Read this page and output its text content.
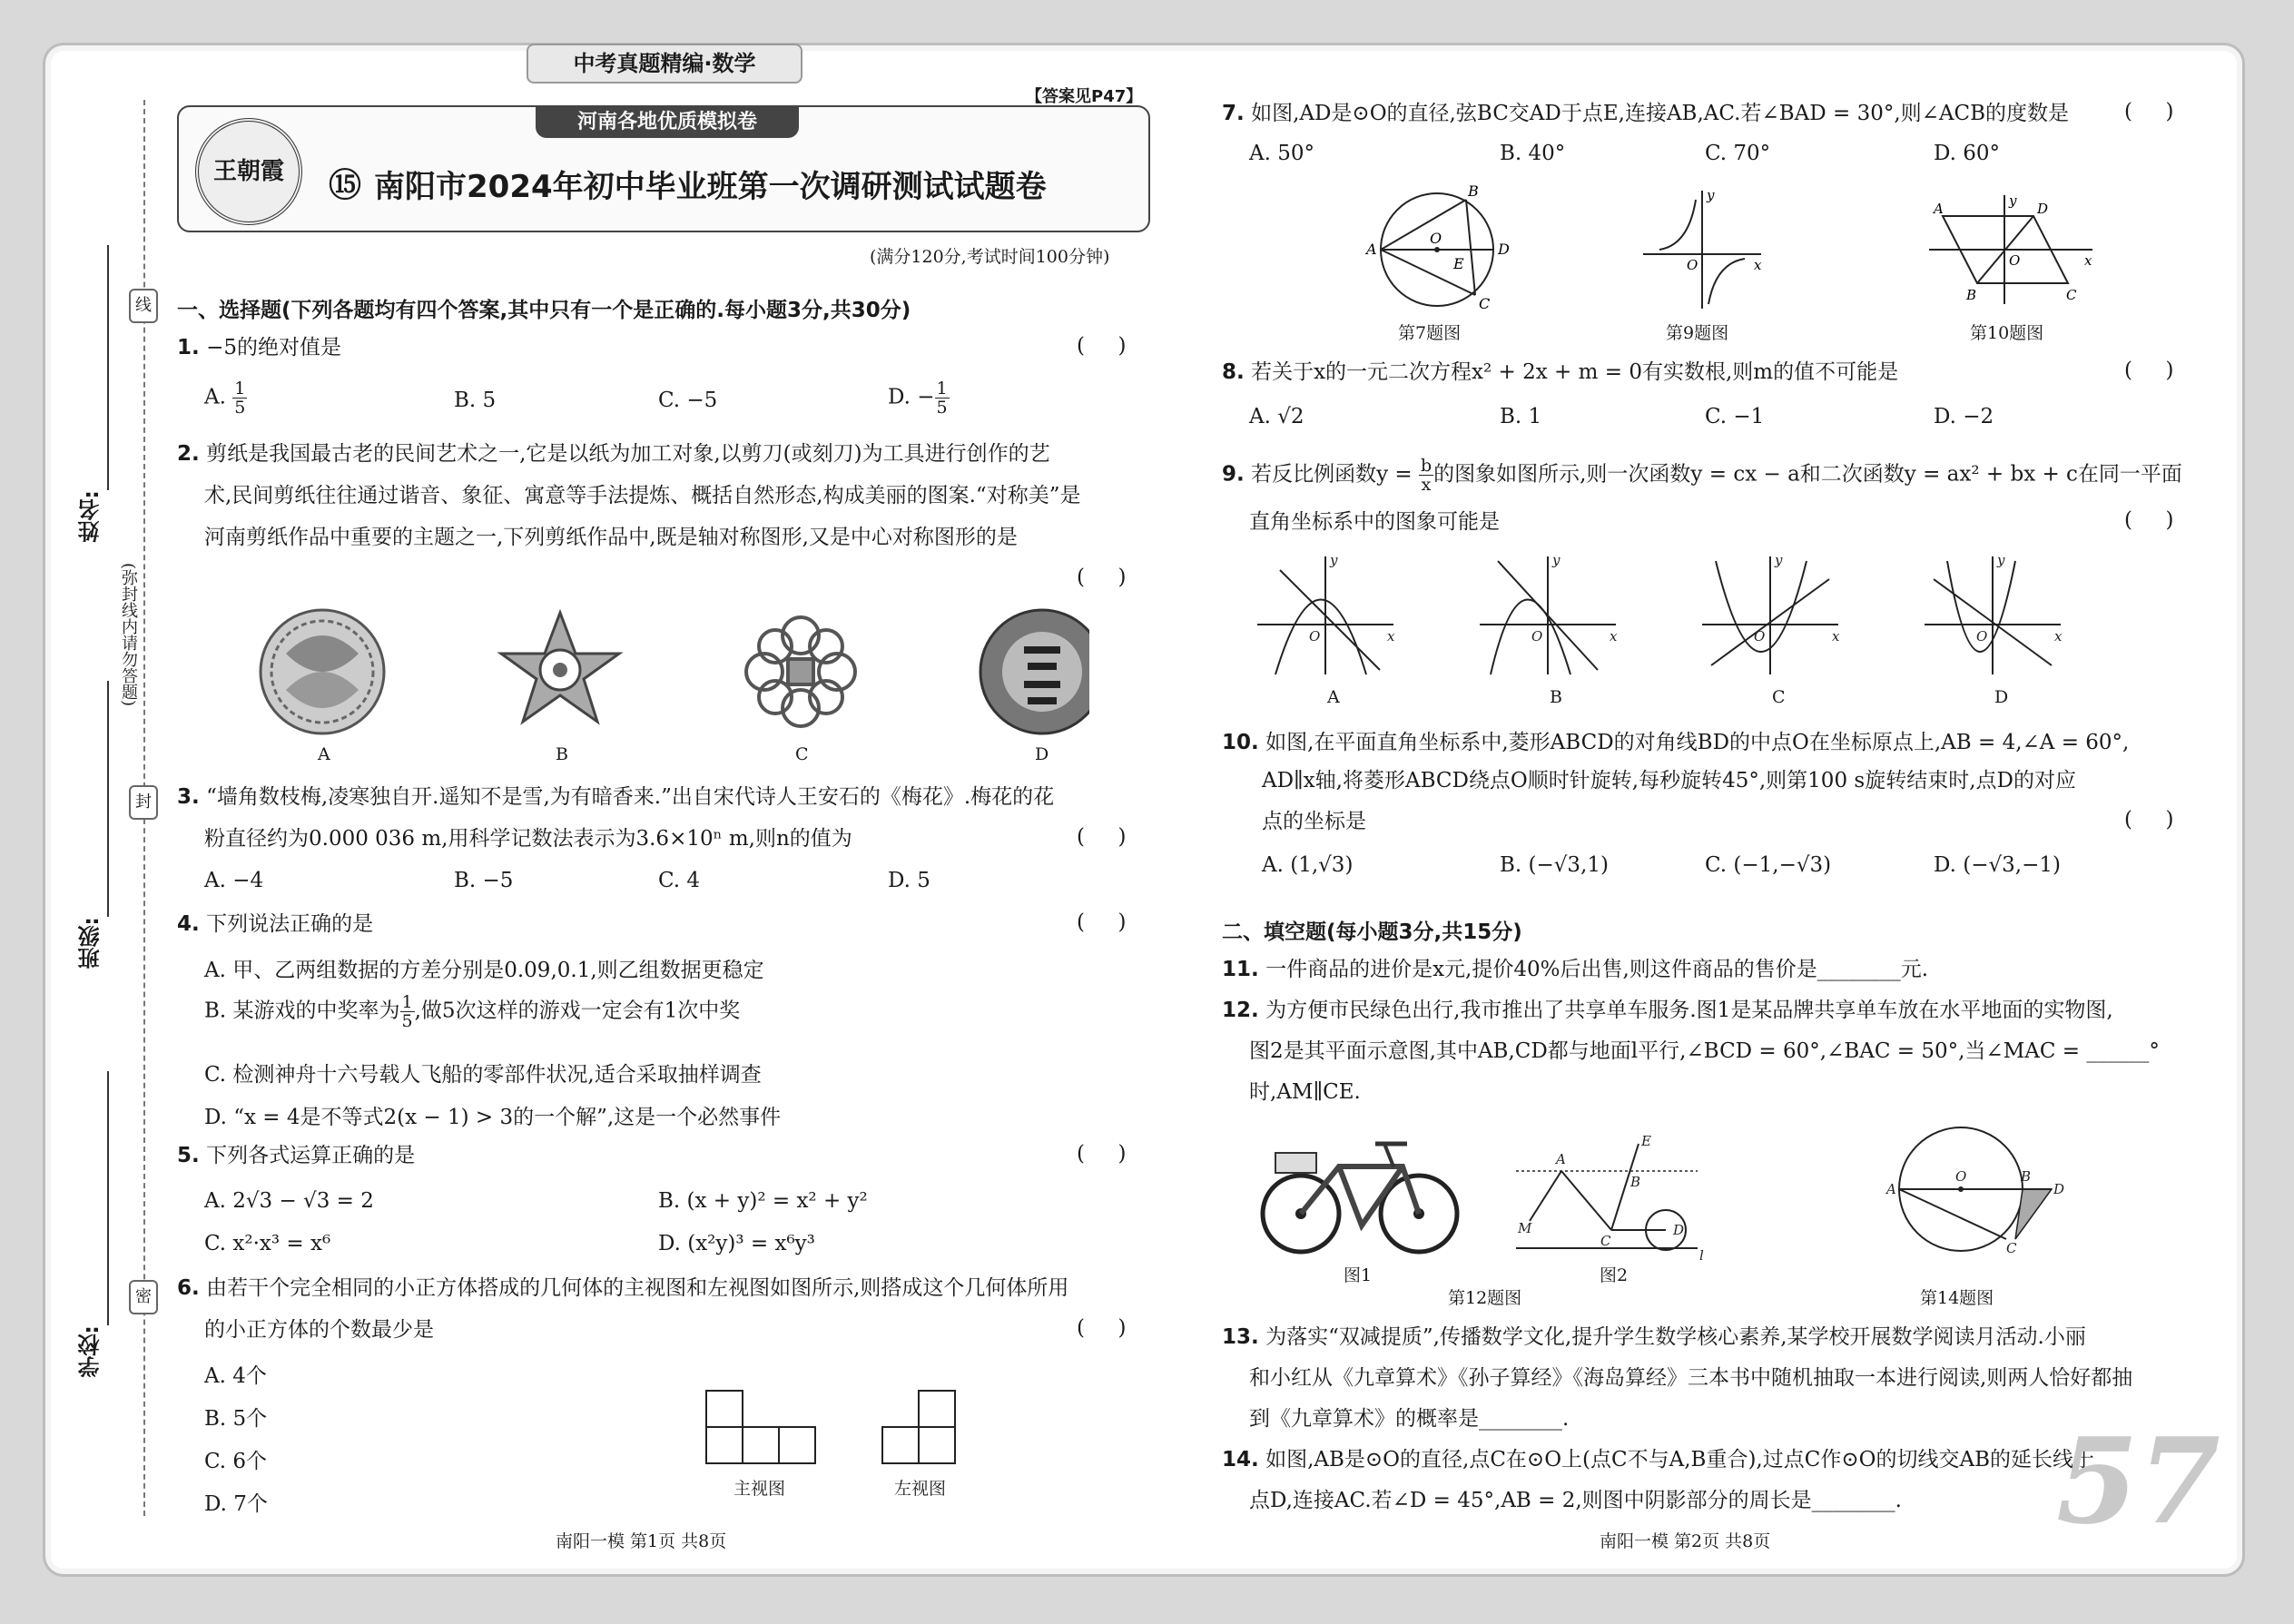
中考真题精编·数学
王朝霞
河南各地优质模拟卷
【答案见P47】
⑮ 南阳市2024年初中毕业班第一次调研测试试题卷
(满分120分,考试时间100分钟)
姓名:
班级:
学校:
(弥封线内请勿答题)
线
封
密
一、选择题(下列各题均有四个答案,其中只有一个是正确的.每小题3分,共30分)
1. −5的绝对值是	(     )
A. $\frac{1}{5}$	B. 5	C. −5	D. − $\frac{1}{5}$
2. 剪纸是我国最古老的民间艺术之一,它是以纸为加工对象,以剪刀(或刻刀)为工具进行创作的艺
术,民间剪纸往往通过谐音、象征、寓意等手法提炼、概括自然形态,构成美丽的图案.“对称美”是
河南剪纸作品中重要的主题之一,下列剪纸作品中,既是轴对称图形,又是中心对称图形的是
(     )
A	B	C	D
3. “墙角数枝梅,凌寒独自开.遥知不是雪,为有暗香来.”出自宋代诗人王安石的《梅花》.梅花的花
粉直径约为0.000 036 m,用科学记数法表示为3.6×10ⁿ m,则n的值为	(     )
A. −4	B. −5	C. 4	D. 5
4. 下列说法正确的是	(     )
A. 甲、乙两组数据的方差分别是0.09,0.1,则乙组数据更稳定
B. 某游戏的中奖率为 $\frac{1}{5}$ ,做5次这样的游戏一定会有1次中奖
C. 检测神舟十六号载人飞船的零部件状况,适合采取抽样调查
D. “x = 4是不等式2(x − 1) > 3的一个解”,这是一个必然事件
5. 下列各式运算正确的是	(     )
A. 2√3 − √3 = 2	B. (x + y)² = x² + y²
C. x²·x³ = x⁶	D. (x²y)³ = x⁶y³
6. 由若干个完全相同的小正方体搭成的几何体的主视图和左视图如图所示,则搭成这个几何体所用
的小正方体的个数最少是	(     )
A. 4个
B. 5个
C. 6个
D. 7个
主视图	左视图
南阳一模 第1页 共8页
7. 如图,AD是⊙O的直径,弦BC交AD于点E,连接AB,AC.若∠BAD = 30°,则∠ACB的度数是	(     )
A. 50°	B. 40°	C. 70°	D. 60°
A
B
C
D
O
E
y
x
O
A	D
B	C
O
y
x
第7题图	第9题图	第10题图
8. 若关于x的一元二次方程x² + 2x + m = 0有实数根,则m的值不可能是	(     )
A. √2	B. 1	C. −1	D. −2
9. 若反比例函数$y = \frac{b}{x}$ 的图象如图所示,则一次函数y = cx − a和二次函数y = ax² + bx + c在同一平面
直角坐标系中的图象可能是	(     )
y
x
O
y
x
O
y
x
O
y
x
O
A	B	C	D
10. 如图,在平面直角坐标系中,菱形ABCD的对角线BD的中点O在坐标原点上,AB = 4,∠A = 60°,
AD∥x轴,将菱形ABCD绕点O顺时针旋转,每秒旋转45°,则第100 s旋转结束时,点D的对应
点的坐标是	(     )
A. (1,√3)	B. (−√3,1)	C. (−1,−√3)	D. (−√3,−1)
二、填空题(每小题3分,共15分)
11. 一件商品的进价是x元,提价40%后出售,则这件商品的售价是________元.
12. 为方便市民绿色出行,我市推出了共享单车服务.图1是某品牌共享单车放在水平地面的实物图,
图2是其平面示意图,其中AB,CD都与地面l平行,∠BCD = 60°,∠BAC = 50°,当∠MAC = ______°
时,AM∥CE.
A
B
C
D
E
M
l
A
O	B
D
C
图1	图2
第12题图	第14题图
13. 为落实“双减提质”,传播数学文化,提升学生数学核心素养,某学校开展数学阅读月活动.小丽
和小红从《九章算术》《孙子算经》《海岛算经》三本书中随机抽取一本进行阅读,则两人恰好都抽
到《九章算术》的概率是________.
14. 如图,AB是⊙O的直径,点C在⊙O上(点C不与A,B重合),过点C作⊙O的切线交AB的延长线于
点D,连接AC.若∠D = 45°,AB = 2,则图中阴影部分的周长是________. 57
南阳一模 第2页 共8页
